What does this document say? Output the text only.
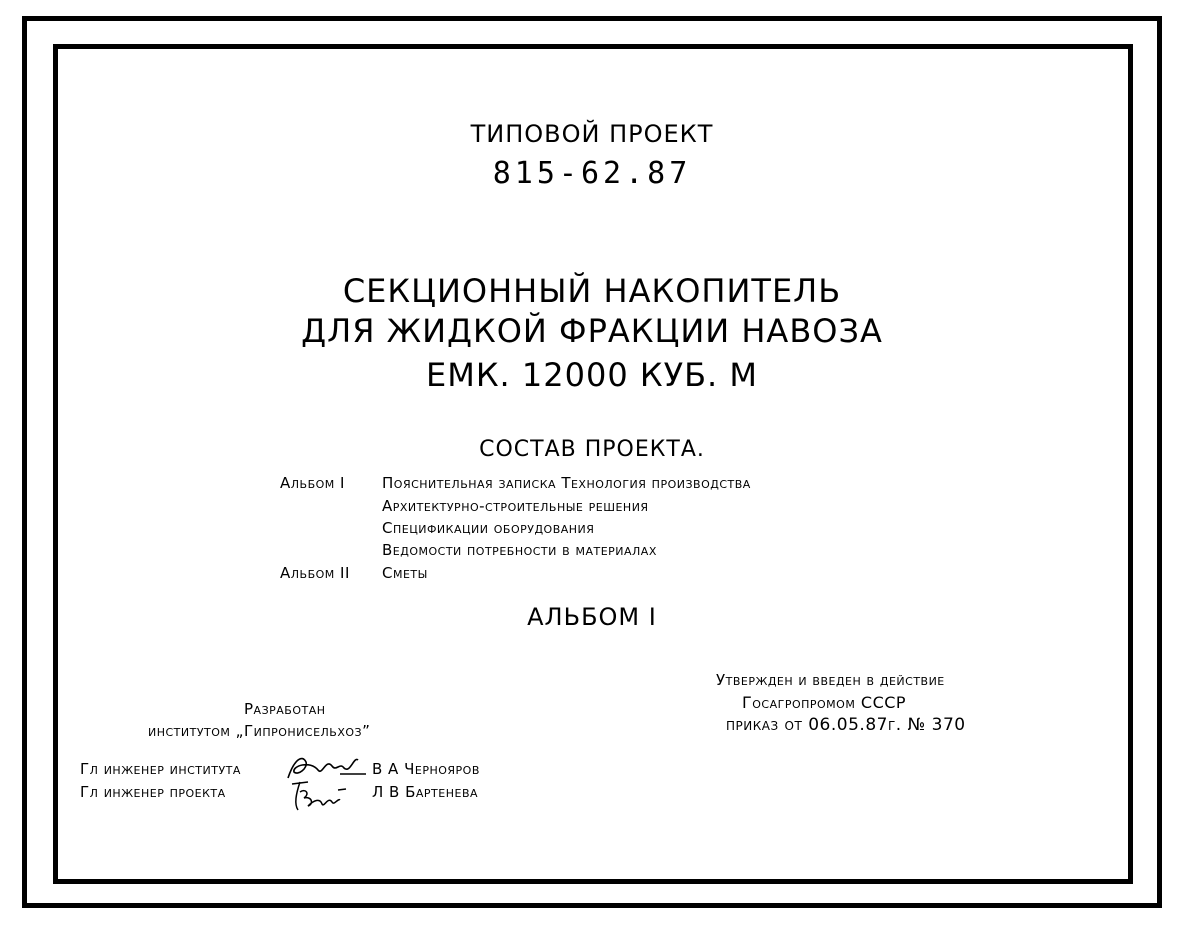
ТИПОВОЙ ПРОЕКТ
815-62.87
СЕКЦИОННЫЙ НАКОПИТЕЛЬ
ДЛЯ ЖИДКОЙ ФРАКЦИИ НАВОЗА
ЕМК. 12000 КУБ. М
СОСТАВ ПРОЕКТА.
Альбом I Пояснительная записка Технология производства
Архитектурно-строительные решения
Спецификации оборудования
Ведомости потребности в материалах
Альбом II Сметы
АЛЬБОМ I
Разработан
институтом „Гипронисельхоз”
Гл инженер института	В А Чернояров
Гл инженер проекта	Л В Бартенева
Утвержден и введен в действие
Госагропромом СССР
приказ от 06.05.87г. № 370
